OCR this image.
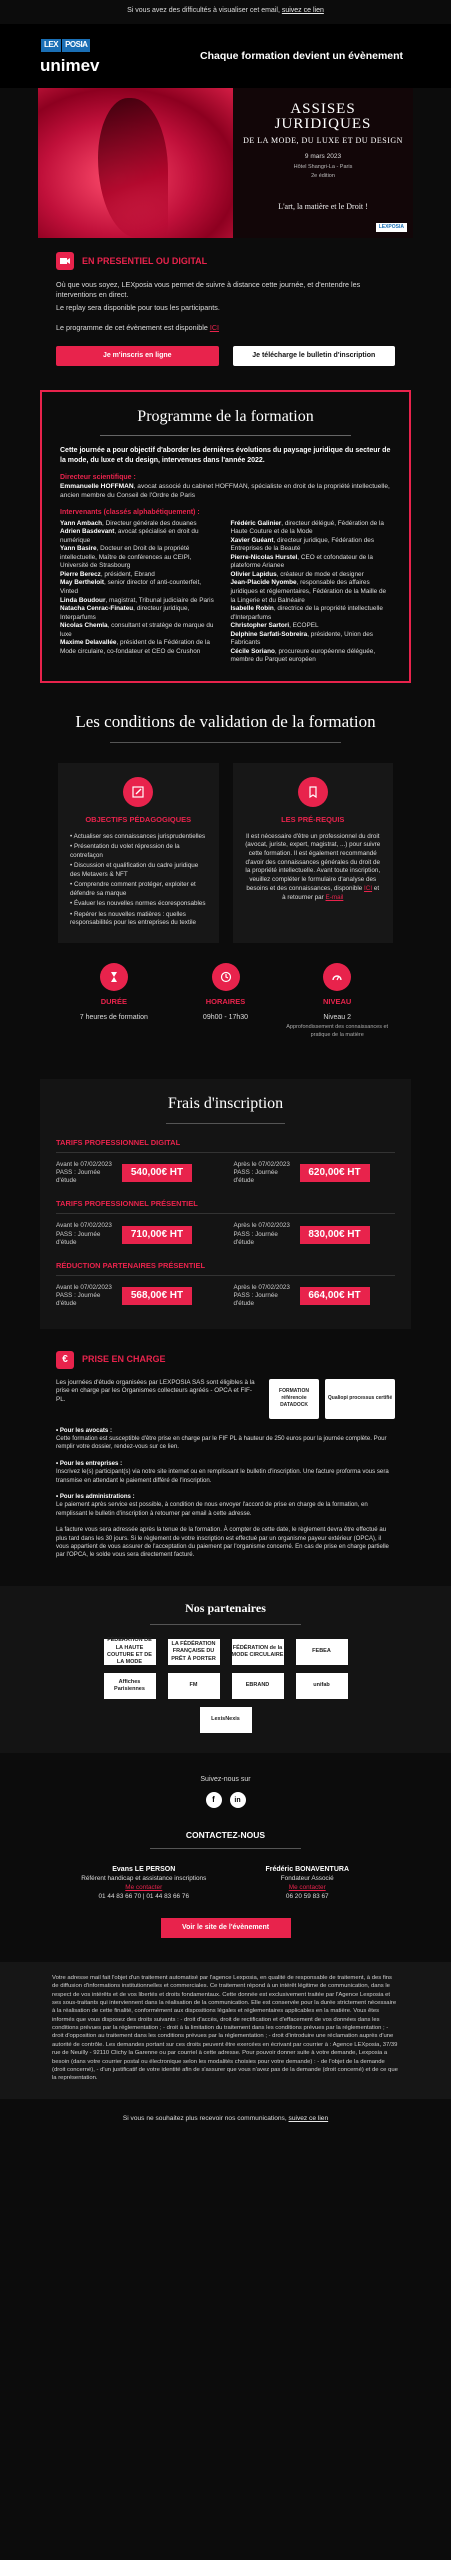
Si vous avez des difficultés à visualiser cet email, suivez ce lien
LEX POSIA
unimev
Chaque formation devient un évènement
ASSISES JURIDIQUES
DE LA MODE, DU LUXE ET DU DESIGN
9 mars 2023
Hôtel Shangri-La - Paris
2e édition
L'art, la matière et le Droit !
LEXPOSIA
EN PRESENTIEL OU DIGITAL

Où que vous soyez, LEXposia vous permet de suivre à distance cette journée, et d'entendre les interventions en direct.

Le replay sera disponible pour tous les participants.

Le programme de cet évènement est disponible ICI

Je m'inscris en ligne	Je télécharge le bulletin d'inscription
Programme de la formation
Cette journée a pour objectif d'aborder les dernières évolutions du paysage juridique du secteur de la mode, du luxe et du design, intervenues dans l'année 2022.
Directeur scientifique :
Emmanuelle HOFFMAN, avocat associé du cabinet HOFFMAN, spécialiste en droit de la propriété intellectuelle, ancien membre du Conseil de l'Ordre de Paris
Intervenants (classés alphabétiquement) :
Yann Ambach, Directeur générale des douanes
Adrien Basdevant, avocat spécialisé en droit du numérique
Yann Basire, Docteur en Droit de la propriété intellectuelle, Maître de conférences au CEIPI, Université de Strasbourg
Pierre Berecz, président, Ebrand
May Bertheloit, senior director of anti-counterfeit, Vinted
Linda Boudour, magistrat, Tribunal judiciaire de Paris
Natacha Cenrac-Finateu, directeur juridique, Interparfums
Nicolas Chemla, consultant et stratège de marque du luxe
Maxime Delavallée, président de la Fédération de la Mode circulaire, co-fondateur et CEO de Crushon
Frédéric Galinier, directeur délégué, Fédération de la Haute Couture et de la Mode
Xavier Guéant, directeur juridique, Fédération des Entreprises de la Beauté
Pierre-Nicolas Hurstel, CEO et cofondateur de la plateforme Arianee
Olivier Lapidus, créateur de mode et designer
Jean-Placide Nyombe, responsable des affaires juridiques et réglementaires, Fédération de la Maille de la Lingerie et du Balnéaire
Isabelle Robin, directrice de la propriété intellectuelle d'Interparfums
Christopher Sartori, ECOPEL
Delphine Sarfati-Sobreira, présidente, Union des Fabricants
Cécile Soriano, procureure européenne déléguée, membre du Parquet européen
Les conditions de validation de la formation
OBJECTIFS PÉDAGOGIQUES
• Actualiser ses connaissances jurisprudentielles
• Présentation du volet répression de la contrefaçon
• Discussion et qualification du cadre juridique des Metavers & NFT
• Comprendre comment protéger, exploiter et défendre sa marque
• Évaluer les nouvelles normes écoresponsables
• Repérer les nouvelles matières : quelles responsabilités pour les entreprises du textile
LES PRÉ-REQUIS

Il est nécessaire d'être un professionnel du droit (avocat, juriste, expert, magistrat, ...) pour suivre cette formation. Il est également recommandé d'avoir des connaissances générales du droit de la propriété intellectuelle. Avant toute inscription, veuillez compléter le formulaire d'analyse des besoins et des connaissances, disponible ICI et à retourner par E-mail

DURÉE
7 heures de formation
HORAIRES
09h00 - 17h30
NIVEAU
Niveau 2
Approfondissement des connaissances et pratique de la matière
Frais d'inscription
TARIFS PROFESSIONNEL DIGITAL
Avant le 07/02/2023 PASS : Journée d'étude
540,00€ HT
Après le 07/02/2023 PASS : Journée d'étude
620,00€ HT
TARIFS PROFESSIONNEL PRÉSENTIEL
Avant le 07/02/2023 PASS : Journée d'étude
710,00€ HT
Après le 07/02/2023 PASS : Journée d'étude
830,00€ HT
RÉDUCTION PARTENAIRES PRÉSENTIEL
Avant le 07/02/2023 PASS : Journée d'étude
568,00€ HT
Après le 07/02/2023 PASS : Journée d'étude
664,00€ HT
€	PRISE EN CHARGE
Les journées d'étude organisées par LEXPOSIA SAS sont éligibles à la prise en charge par les Organismes collecteurs agréés - OPCA et FIF-PL.
FORMATION référencée DATADOCK
Qualiopi processus certifié
• Pour les avocats :
Cette formation est susceptible d'être prise en charge par le FIF PL à hauteur de 250 euros pour la journée complète. Pour remplir votre dossier, rendez-vous sur ce lien.
• Pour les entreprises :
Inscrivez le(s) participant(s) via notre site internet ou en remplissant le bulletin d'inscription. Une facture proforma vous sera transmise en attendant le paiement différé de l'inscription.
• Pour les administrations :
Le paiement après service est possible, à condition de nous envoyer l'accord de prise en charge de la formation, en remplissant le bulletin d'inscription à retourner par email à cette adresse.
La facture vous sera adressée après la tenue de la formation. À compter de cette date, le règlement devra être effectué au plus tard dans les 30 jours. Si le règlement de votre inscription est effectué par un organisme payeur extérieur (OPCA), il vous appartient de vous assurer de l'acceptation du paiement par l'organisme concerné. En cas de prise en charge partielle par l'OPCA, le solde vous sera directement facturé.
Nos partenaires
FÉDÉRATION DE LA HAUTE COUTURE ET DE LA MODE
LA FÉDÉRATION FRANÇAISE DU PRÊT À PORTER
FÉDÉRATION de la MODE CIRCULAIRE
FEBEA
Affiches Parisiennes
FM	EBRAND	unifab
LexisNexis
Suivez-nous sur
f	in
CONTACTEZ-NOUS
Evans LE PERSON
Référent handicap et assistance inscriptions
Me contacter
01 44 83 66 70 | 01 44 83 66 76
Frédéric BONAVENTURA
Fondateur Associé
Me contacter
06 20 59 83 67
Voir le site de l'évènement
Votre adresse mail fait l'objet d'un traitement automatisé par l'agence Lexposia, en qualité de responsable de traitement, à des fins de diffusion d'informations institutionnelles et commerciales. Ce traitement répond à un intérêt légitime de communication, dans le respect de vos intérêts et de vos libertés et droits fondamentaux. Cette donnée est exclusivement traitée par l'Agence Lexposia et ses sous-traitants qui interviennent dans la réalisation de la communication. Elle est conservée pour la durée strictement nécessaire à la réalisation de cette finalité, conformément aux dispositions légales et réglementaires applicables en la matière. Vous êtes informés que vous disposez des droits suivants : - droit d'accès, droit de rectification et d'effacement de vos données dans les conditions prévues par la réglementation ; - droit à la limitation du traitement dans les conditions prévues par la réglementation ; - droit d'opposition au traitement dans les conditions prévues par la réglementation ; - droit d'introduire une réclamation auprès d'une autorité de contrôle. Les demandes portant sur ces droits peuvent être exercées en écrivant par courrier à : Agence LEXposia, 37/39 rue de Neuilly - 92110 Clichy la Garenne ou par courriel à cette adresse. Pour pouvoir donner suite à votre demande, Lexposia a besoin (dans votre courrier postal ou électronique selon les modalités choisies pour votre demande) : - de l'objet de la demande (droit concerné), - d'un justificatif de votre identité afin de s'assurer que vous n'avez pas de la demande (droit concerné) et de ce que la représentation.
Si vous ne souhaitez plus recevoir nos communications, suivez ce lien
